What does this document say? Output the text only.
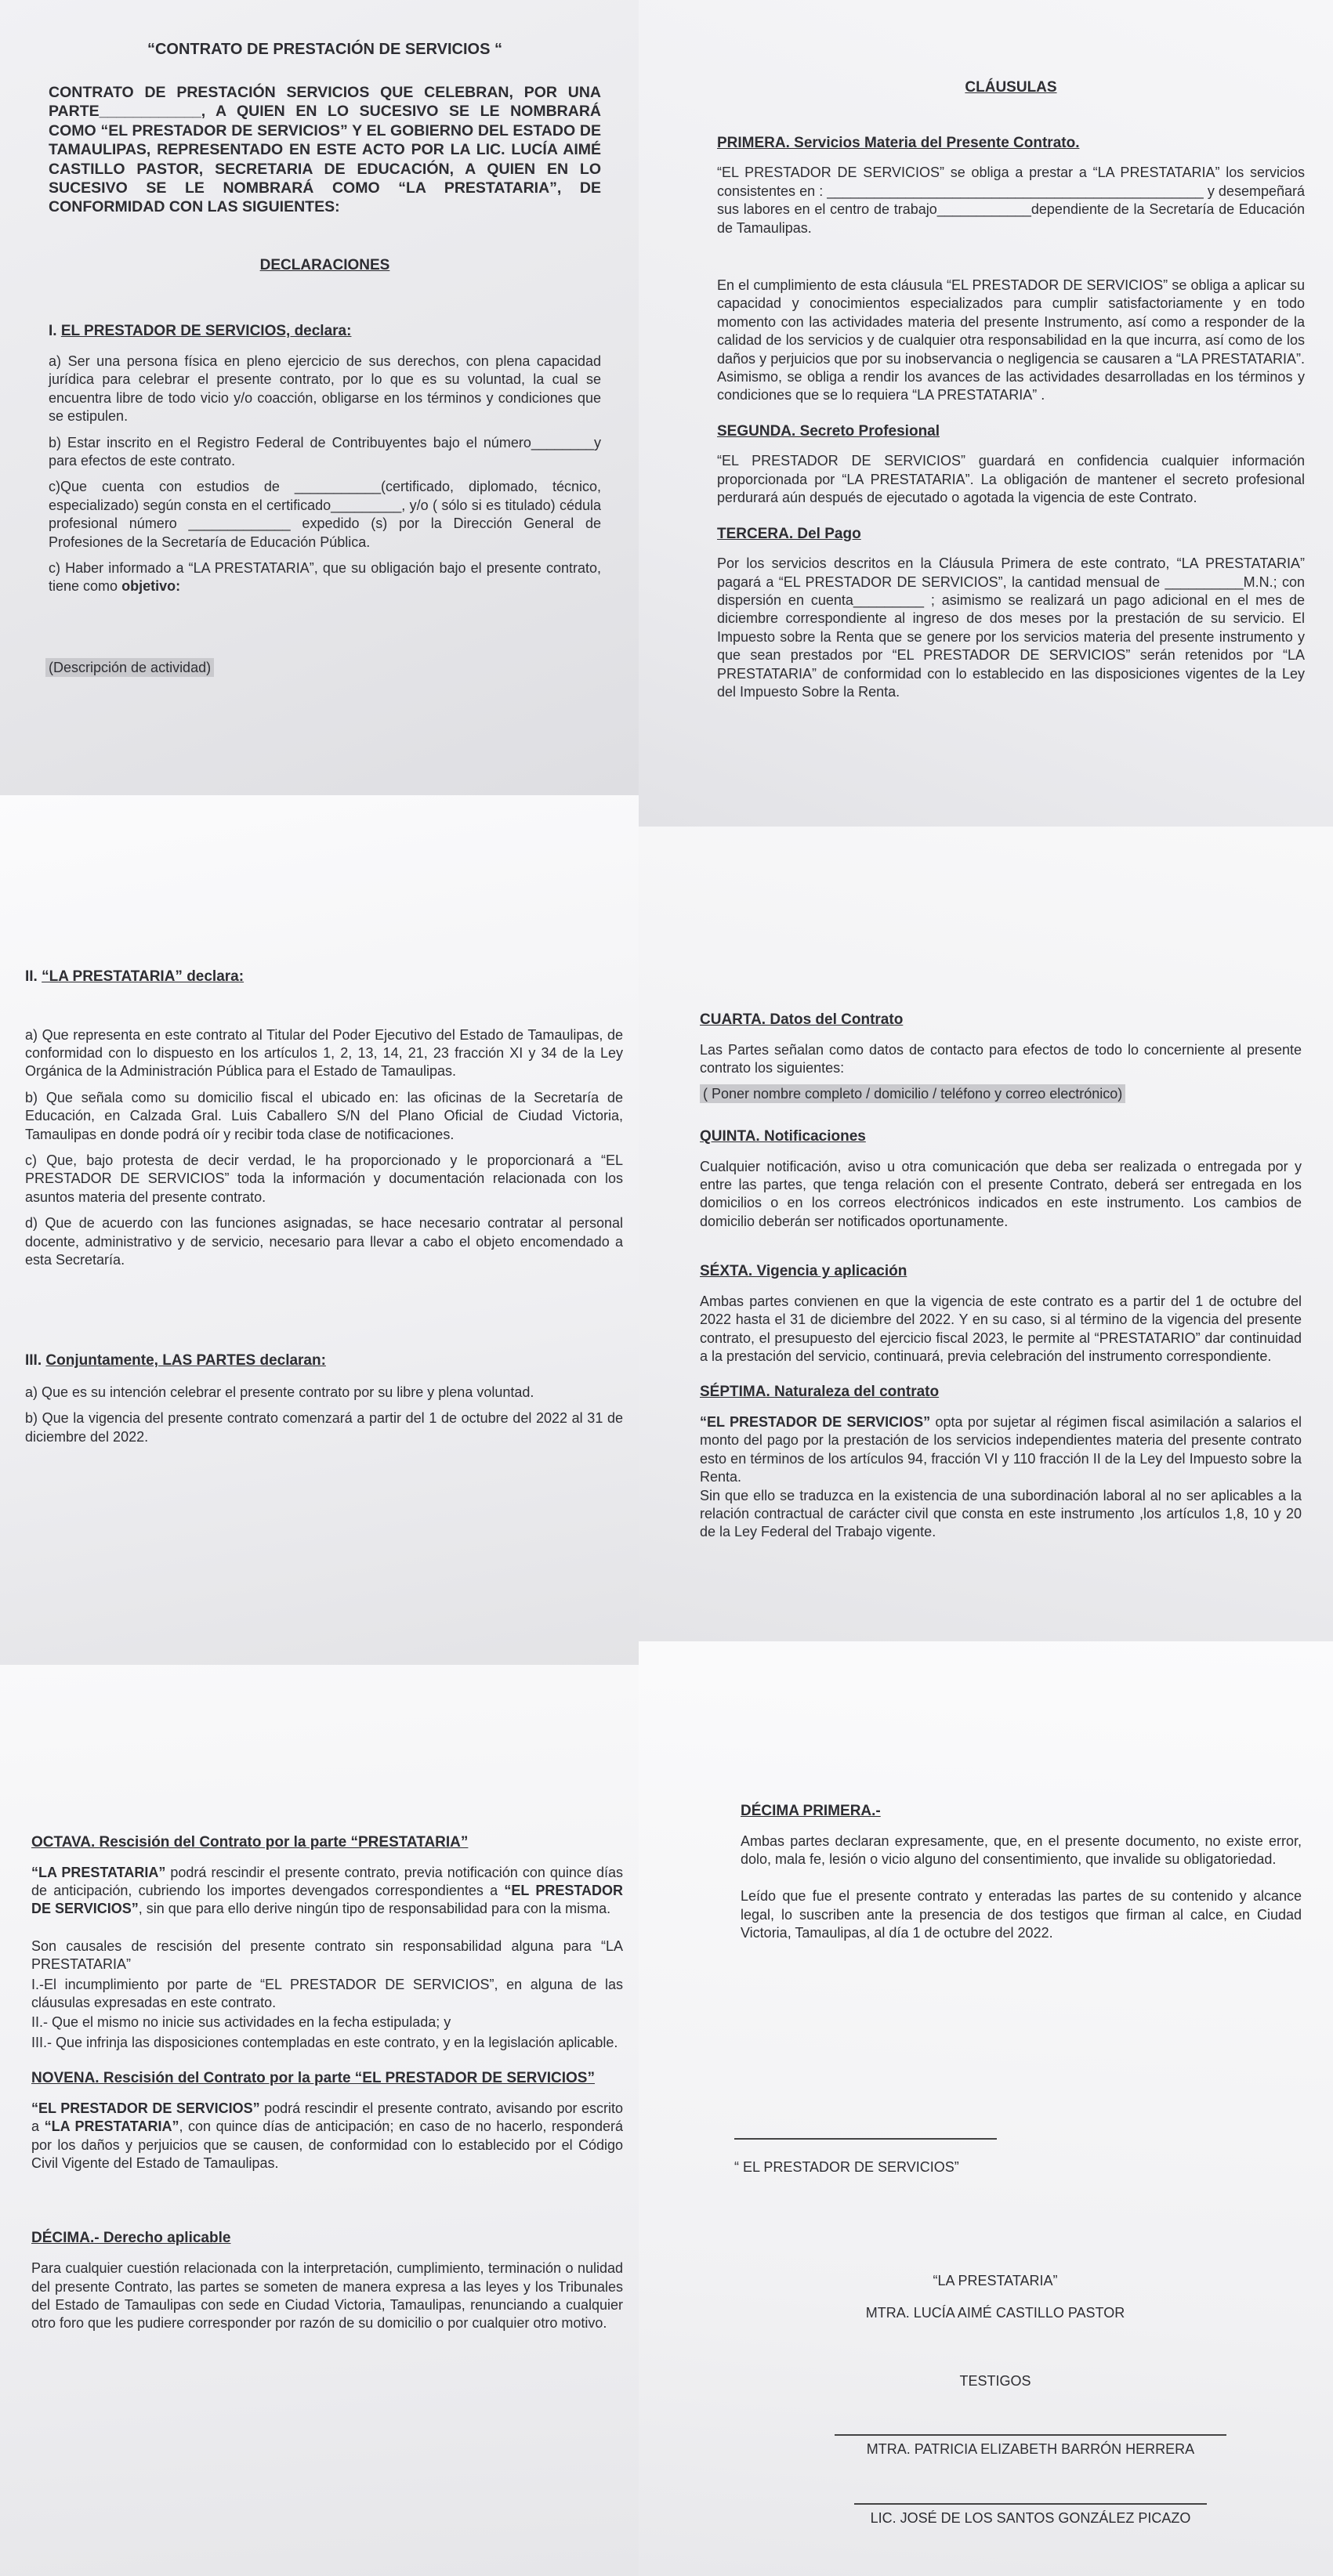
“CONTRATO DE PRESTACIÓN DE SERVICIOS “

CONTRATO DE PRESTACIÓN SERVICIOS QUE CELEBRAN, POR UNA PARTE____________, A QUIEN EN LO SUCESIVO SE LE NOMBRARÁ COMO “EL PRESTADOR DE SERVICIOS” Y EL GOBIERNO DEL ESTADO DE TAMAULIPAS, REPRESENTADO EN ESTE ACTO POR LA LIC. LUCÍA AIMÉ CASTILLO PASTOR, SECRETARIA DE EDUCACIÓN, A QUIEN EN LO SUCESIVO SE LE NOMBRARÁ COMO “LA PRESTATARIA”, DE CONFORMIDAD CON LAS SIGUIENTES:

DECLARACIONES

I. EL PRESTADOR DE SERVICIOS, declara:

a) Ser una persona física en pleno ejercicio de sus derechos, con plena capacidad jurídica para celebrar el presente contrato, por lo que es su voluntad, la cual se encuentra libre de todo vicio y/o coacción, obligarse en los términos y condiciones que se estipulen.

b) Estar inscrito en el Registro Federal de Contribuyentes bajo el número________y para efectos de este contrato.

c)Que cuenta con estudios de ___________(certificado, diplomado, técnico, especializado) según consta en el certificado_________, y/o ( sólo si es titulado) cédula profesional número _____________ expedido (s) por la Dirección General de Profesiones de la Secretaría de Educación Pública.

c) Haber informado a “LA PRESTATARIA”, que su obligación bajo el presente contrato, tiene como objetivo:

(Descripción de actividad)

CLÁUSULAS

PRIMERA. Servicios Materia del Presente Contrato.

“EL PRESTADOR DE SERVICIOS” se obliga a prestar a “LA PRESTATARIA” los servicios consistentes en : ________________________________________________ y desempeñará sus labores en el centro de trabajo____________dependiente de la Secretaría de Educación de Tamaulipas.

En el cumplimiento de esta cláusula “EL PRESTADOR DE SERVICIOS” se obliga a aplicar su capacidad y conocimientos especializados para cumplir satisfactoriamente y en todo momento con las actividades materia del presente Instrumento, así como a responder de la calidad de los servicios y de cualquier otra responsabilidad en la que incurra, así como de los daños y perjuicios que por su inobservancia o negligencia se causaren a “LA PRESTATARIA”. Asimismo, se obliga a rendir los avances de las actividades desarrolladas en los términos y condiciones que se lo requiera “LA PRESTATARIA” .

SEGUNDA. Secreto Profesional

“EL PRESTADOR DE SERVICIOS” guardará en confidencia cualquier información proporcionada por “LA PRESTATARIA”. La obligación de mantener el secreto profesional perdurará aún después de ejecutado o agotada la vigencia de este Contrato.

TERCERA. Del Pago

Por los servicios descritos en la Cláusula Primera de este contrato, “LA PRESTATARIA” pagará a “EL PRESTADOR DE SERVICIOS”, la cantidad mensual de __________M.N.; con dispersión en cuenta_________ ; asimismo se realizará un pago adicional en el mes de diciembre correspondiente al ingreso de dos meses por la prestación de su servicio. El Impuesto sobre la Renta que se genere por los servicios materia del presente instrumento y que sean prestados por “EL PRESTADOR DE SERVICIOS” serán retenidos por “LA PRESTATARIA” de conformidad con lo establecido en las disposiciones vigentes de la Ley del Impuesto Sobre la Renta.

II. “LA PRESTATARIA” declara:

a) Que representa en este contrato al Titular del Poder Ejecutivo del Estado de Tamaulipas, de conformidad con lo dispuesto en los artículos 1, 2, 13, 14, 21, 23 fracción XI y 34 de la Ley Orgánica de la Administración Pública para el Estado de Tamaulipas.

b) Que señala como su domicilio fiscal el ubicado en: las oficinas de la Secretaría de Educación, en Calzada Gral. Luis Caballero S/N del Plano Oficial de Ciudad Victoria, Tamaulipas en donde podrá oír y recibir toda clase de notificaciones.

c) Que, bajo protesta de decir verdad, le ha proporcionado y le proporcionará a “EL PRESTADOR DE SERVICIOS” toda la información y documentación relacionada con los asuntos materia del presente contrato.

d) Que de acuerdo con las funciones asignadas, se hace necesario contratar al personal docente, administrativo y de servicio, necesario para llevar a cabo el objeto encomendado a esta Secretaría.

III. Conjuntamente, LAS PARTES declaran:

a) Que es su intención celebrar el presente contrato por su libre y plena voluntad.

b) Que la vigencia del presente contrato comenzará a partir del 1 de octubre del 2022 al 31 de diciembre del 2022.

CUARTA. Datos del Contrato

Las Partes señalan como datos de contacto para efectos de todo lo concerniente al presente contrato los siguientes:

( Poner nombre completo / domicilio / teléfono y correo electrónico)

QUINTA. Notificaciones

Cualquier notificación, aviso u otra comunicación que deba ser realizada o entregada por y entre las partes, que tenga relación con el presente Contrato, deberá ser entregada en los domicilios o en los correos electrónicos indicados en este instrumento. Los cambios de domicilio deberán ser notificados oportunamente.

SÉXTA. Vigencia y aplicación

Ambas partes convienen en que la vigencia de este contrato es a partir del 1 de octubre del 2022 hasta el 31 de diciembre del 2022. Y en su caso, si al término de la vigencia del presente contrato, el presupuesto del ejercicio fiscal 2023, le permite al “PRESTATARIO” dar continuidad a la prestación del servicio, continuará, previa celebración del instrumento correspondiente.

SÉPTIMA. Naturaleza del contrato

“EL PRESTADOR DE SERVICIOS” opta por sujetar al régimen fiscal asimilación a salarios el monto del pago por la prestación de los servicios independientes materia del presente contrato esto en términos de los artículos 94, fracción VI y 110 fracción II de la Ley del Impuesto sobre la Renta.

Sin que ello se traduzca en la existencia de una subordinación laboral al no ser aplicables a la relación contractual de carácter civil que consta en este instrumento ,los artículos 1,8, 10 y 20 de la Ley Federal del Trabajo vigente.

OCTAVA. Rescisión del Contrato por la parte “PRESTATARIA”

“LA PRESTATARIA” podrá rescindir el presente contrato, previa notificación con quince días de anticipación, cubriendo los importes devengados correspondientes a “EL PRESTADOR DE SERVICIOS”, sin que para ello derive ningún tipo de responsabilidad para con la misma.

Son causales de rescisión del presente contrato sin responsabilidad alguna para “LA PRESTATARIA”

I.-El incumplimiento por parte de “EL PRESTADOR DE SERVICIOS”, en alguna de las cláusulas expresadas en este contrato.

II.- Que el mismo no inicie sus actividades en la fecha estipulada; y

III.- Que infrinja las disposiciones contempladas en este contrato, y en la legislación aplicable.

NOVENA. Rescisión del Contrato por la parte “EL PRESTADOR DE SERVICIOS”

“EL PRESTADOR DE SERVICIOS” podrá rescindir el presente contrato, avisando por escrito a “LA PRESTATARIA”, con quince días de anticipación; en caso de no hacerlo, responderá por los daños y perjuicios que se causen, de conformidad con lo establecido por el Código Civil Vigente del Estado de Tamaulipas.

DÉCIMA.- Derecho aplicable

Para cualquier cuestión relacionada con la interpretación, cumplimiento, terminación o nulidad del presente Contrato, las partes se someten de manera expresa a las leyes y los Tribunales del Estado de Tamaulipas con sede en Ciudad Victoria, Tamaulipas, renunciando a cualquier otro foro que les pudiere corresponder por razón de su domicilio o por cualquier otro motivo.

DÉCIMA PRIMERA.-

Ambas partes declaran expresamente, que, en el presente documento, no existe error, dolo, mala fe, lesión o vicio alguno del consentimiento, que invalide su obligatoriedad.

Leído que fue el presente contrato y enteradas las partes de su contenido y alcance legal, lo suscriben ante la presencia de dos testigos que firman al calce, en Ciudad Victoria, Tamaulipas, al día 1 de octubre del 2022.

“ EL PRESTADOR DE SERVICIOS”

“LA PRESTATARIA”

MTRA. LUCÍA AIMÉ CASTILLO PASTOR

TESTIGOS

MTRA. PATRICIA ELIZABETH BARRÓN HERRERA

LIC. JOSÉ DE LOS SANTOS GONZÁLEZ PICAZO
